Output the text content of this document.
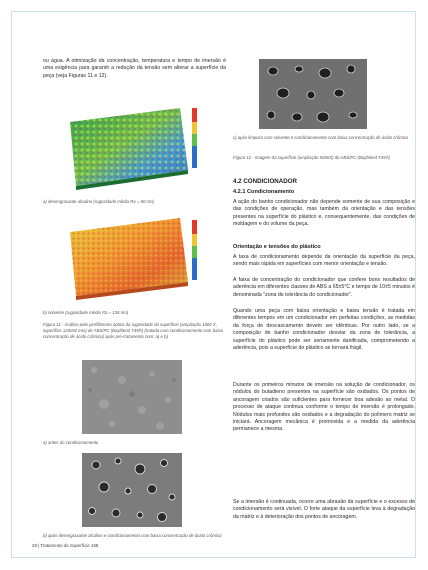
ou água. A otimização da concentração, temperatura e tempo de imersão é uma exigência para garantir a redução da tensão sem alterar a superfície da peça (veja Figuras 11 e 12).

a) desengraxante alcalino (rugosidade média Ra = 50 nm)

b) solvente (rugosidade média Ra = 136 nm)

Figura 11 - Análise pelo perfilômetro óptico da rugosidade da superfície (ampliação 1800 X, superfície 120x92 mm) de ABS/PC (Bayblend T45®) (tratado com condicionamento com baixa concentração de ácido crômico) após pré-tratamento com: a) e b)

a) antes do condicionamento

b) após desengraxante alcalino e condicionamento com baixa concentração de ácido crômico

c) após limpeza com solvente e condicionamento com baixa concentração de ácido crômico

Figura 12 - Imagem da superfície (ampliação 5000X) do ABS/PC (Bayblend T45®)

4.2 CONDICIONADOR
4.2.1 Condicionamento

A ação do banho condicionador não depende somente de sua composição e das condições de operação, mas também da orientação e das tensões presentes na superfície do plástico e, consequentemente, das condições de moldagem e do volume da peça.

Orientação e tensões do plástico

A taxa de condicionamento depende da orientação da superfície da peça, sendo mais rápida em superfícies com menor orientação e tensão.

A faixa de concentração do condicionador que confere bons resultados de aderência em diferentes classes de ABS a 65±5°C e tempo de 10±5 minutos é denominada "zona de tolerância do condicionador".

Quando uma peça com baixa orientação e baixa tensão é tratada em diferentes tempos em um condicionador em perfeitas condições, as medidas da força de descascamento devem ser idênticas. Por outro lado, se a composição de banho condicionador desviar da zona de tolerância, a superfície do plástico pode ser seriamente danificada, comprometendo a aderência, pois a superfície do plástico se tornará frágil.

Durante os primeiros minutos de imersão na solução de condicionador, os nódulos do butadieno presentes na superfície são oxidados. Os pontos de ancoragem criados são suficientes para fornecer boa adesão ao metal. O processo de ataque continua conforme o tempo de imersão é prolongado. Nódulos mais profundos são oxidados e a degradação do polímero matriz se iniciará. Ancoragem mecânica é promovida e a medida da aderência permanece a mesma.

Se a imersão é continuada, ocorre uma abrasão da superfície e o excesso de condicionamento será visível. O forte ataque da superfície leva à degradação da matriz e à deterioração dos pontos de ancoragem.

28 | Tratamento de Superfície 168
